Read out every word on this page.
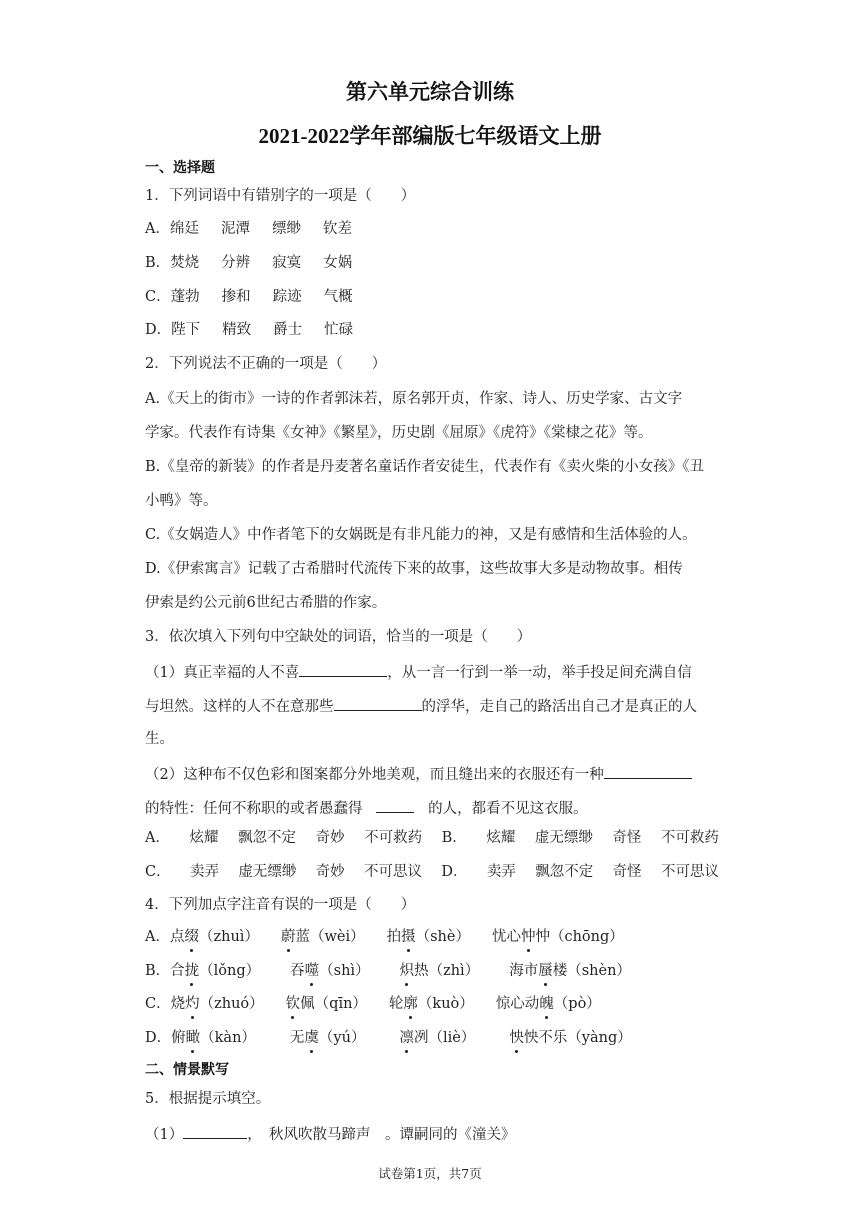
第六单元综合训练
2021-2022学年部编版七年级语文上册
一、选择题
1．下列词语中有错别字的一项是（　　）
A． 绵廷 泥潭 缥缈 钦差
B． 焚烧 分辨 寂寞 女娲
C． 蓬勃 掺和 踪迹 气概
D． 陛下 精致 爵士 忙碌
2．下列说法不正确的一项是（　　）
A.《天上的街市》一诗的作者郭沫若，原名郭开贞，作家、诗人、历史学家、古文字
学家。代表作有诗集《女神》《繁星》，历史剧《屈原》《虎符》《棠棣之花》等。
B.《皇帝的新装》的作者是丹麦著名童话作者安徒生，代表作有《卖火柴的小女孩》《丑
小鸭》等。
C.《女娲造人》中作者笔下的女娲既是有非凡能力的神，又是有感情和生活体验的人。
D.《伊索寓言》记载了古希腊时代流传下来的故事，这些故事大多是动物故事。相传
伊索是约公元前6世纪古希腊的作家。
3．依次填入下列句中空缺处的词语，恰当的一项是（　　）
（1）真正幸福的人不喜	，从一言一行到一举一动，举手投足间充满自信
与坦然。这样的人不在意那些	的浮华，走自己的路活出自己才是真正的人
生。
（2）这种布不仅色彩和图案都分外地美观，而且缝出来的衣服还有一种
的特性：任何不称职的或者愚蠢得	的人，都看不见这衣服。
A． 炫耀 飘忽不定 奇妙 不可救药 B． 炫耀 虚无缥缈 奇怪 不可救药
C． 卖弄 虚无缥缈 奇妙 不可思议 D． 卖弄 飘忽不定 奇怪 不可思议
4．下列加点字注音有误的一项是（　　）
A． 点缀（zhuì） 蔚蓝（wèi） 拍摄（shè） 忧心忡忡（chōng）
B． 合拢（lǒng） 吞噬（shì） 炽热（zhì） 海市蜃楼（shèn）
C． 烧灼（zhuó） 钦佩（qīn） 轮廓（kuò） 惊心动魄（pò）
D． 俯瞰（kàn） 无虞（yú） 凛冽（liè） 怏怏不乐（yàng）
二、情景默写
5．根据提示填空。
（1）	，　秋风吹散马蹄声　。谭嗣同的《潼关》
试卷第1页，共7页
